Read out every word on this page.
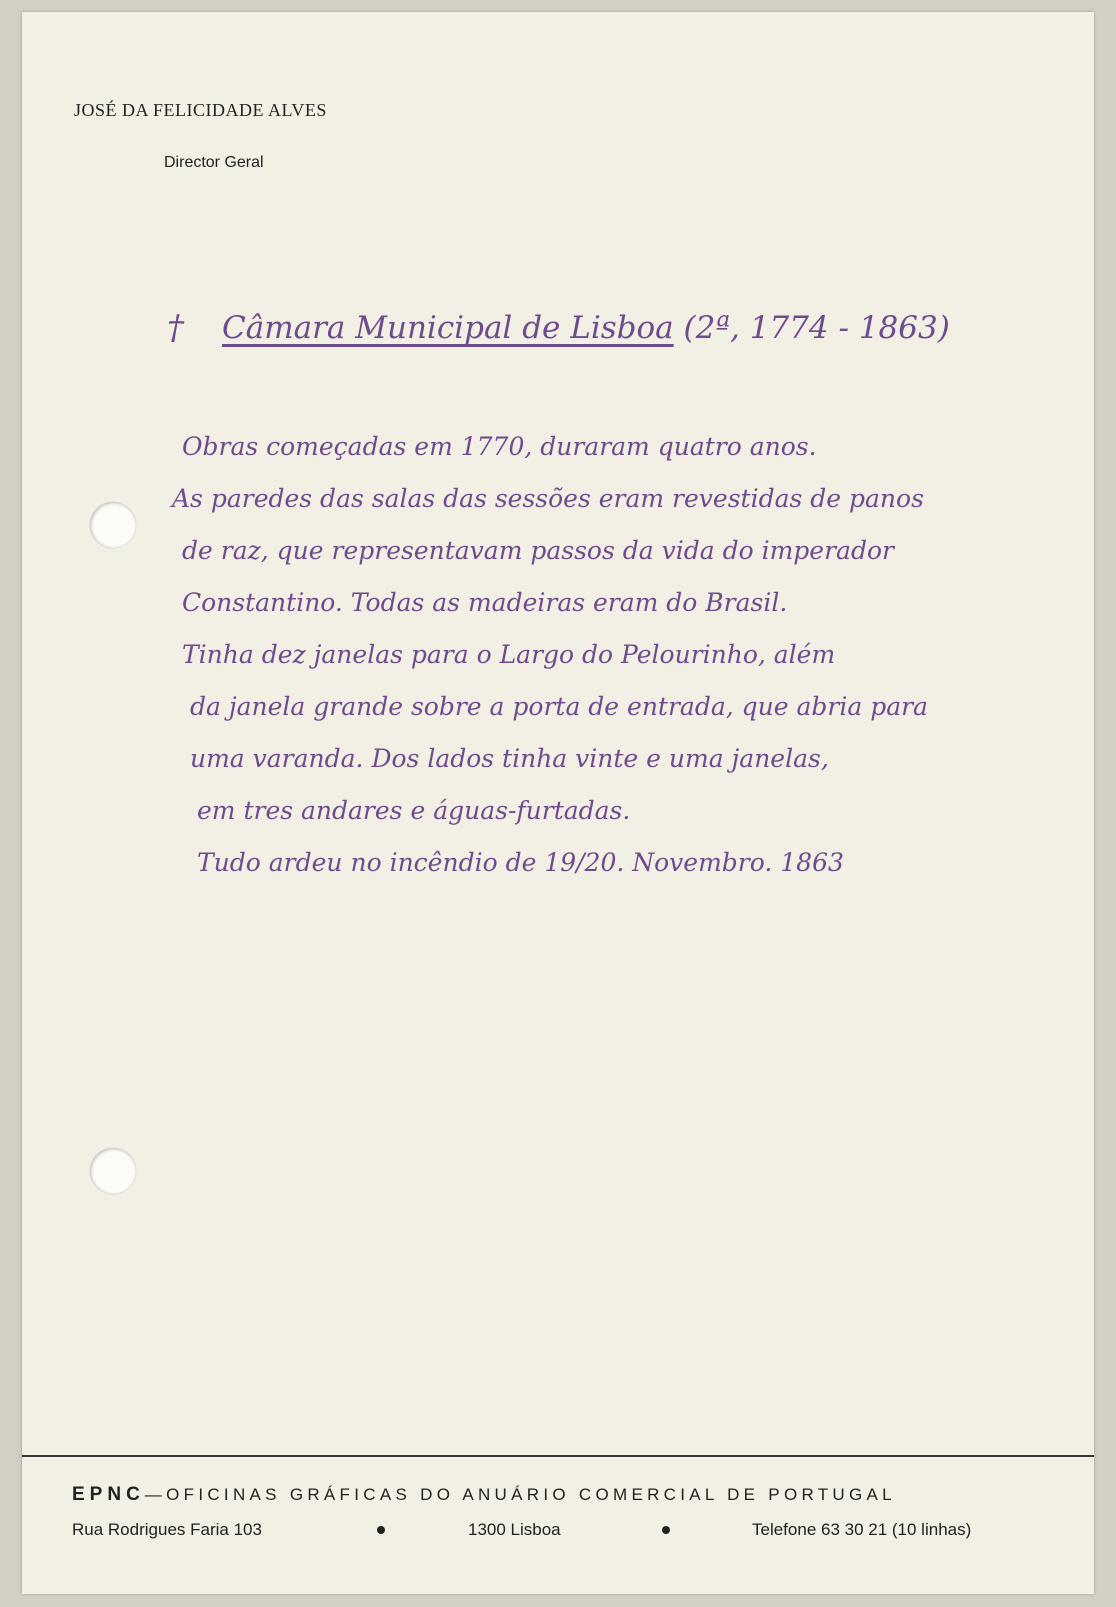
JOSÉ DA FELICIDADE ALVES
Director Geral
† Câmara Municipal de Lisboa (2ª, 1774 - 1863)
Obras começadas em 1770, duraram quatro anos.
As paredes das salas das sessões eram revestidas de panos
de raz, que representavam passos da vida do imperador
Constantino. Todas as madeiras eram do Brasil.
Tinha dez janelas para o Largo do Pelourinho, além
da janela grande sobre a porta de entrada, que abria para
uma varanda. Dos lados tinha vinte e uma janelas,
em tres andares e águas-furtadas.
Tudo ardeu no incêndio de 19/20. Novembro. 1863
EPNC—OFICINAS GRÁFICAS DO ANUÁRIO COMERCIAL DE PORTUGAL
Rua Rodrigues Faria 103	1300 Lisboa	Telefone 63 30 21 (10 linhas)
